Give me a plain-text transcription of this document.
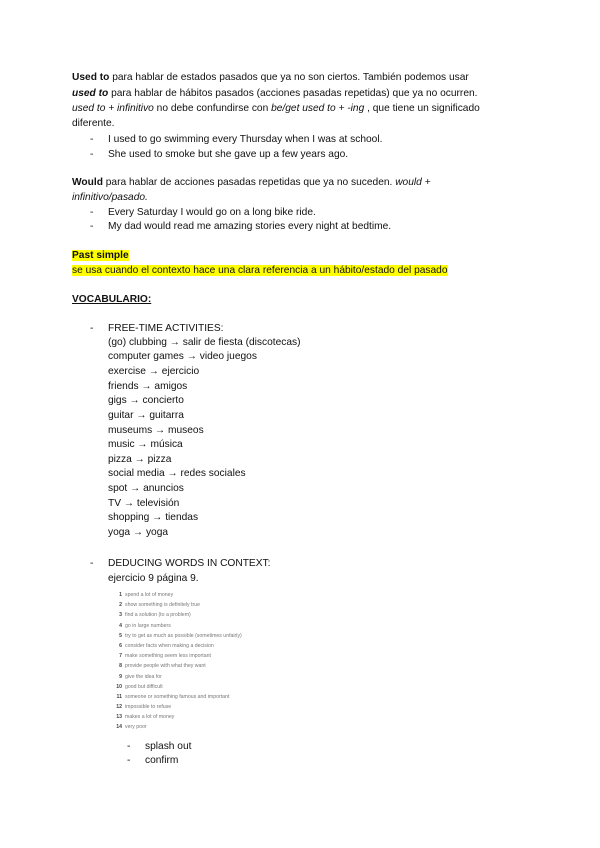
Used to para hablar de estados pasados que ya no son ciertos. También podemos usar
used to para hablar de hábitos pasados (acciones pasadas repetidas) que ya no ocurren.
used to + infinitivo no debe confundirse con be/get used to + -ing , que tiene un significado
diferente.
- I used to go swimming every Thursday when I was at school.
- She used to smoke but she gave up a few years ago.
Would para hablar de acciones pasadas repetidas que ya no suceden. would +
infinitivo/pasado.
- Every Saturday I would go on a long bike ride.
- My dad would read me amazing stories every night at bedtime.
Past simple
se usa cuando el contexto hace una clara referencia a un hábito/estado del pasado
VOCABULARIO:
- FREE-TIME ACTIVITIES:
(go) clubbing → salir de fiesta (discotecas)
computer games → video juegos
exercise → ejercicio
friends → amigos
gigs → concierto
guitar → guitarra
museums → museos
music → música
pizza → pizza
social media → redes sociales
spot → anuncios
TV → televisión
shopping → tiendas
yoga → yoga
- DEDUCING WORDS IN CONTEXT:
ejercicio 9 página 9.
1 spend a lot of money
2 show something is definitely true
3 find a solution (to a problem)
4 go in large numbers
5 try to get as much as possible (sometimes unfairly)
6 consider facts when making a decision
7 make something seem less important
8 provide people with what they want
9 give the idea for
10 good but difficult
11 someone or something famous and important
12 impossible to refuse
13 makes a lot of money
14 very poor
- splash out
- confirm
